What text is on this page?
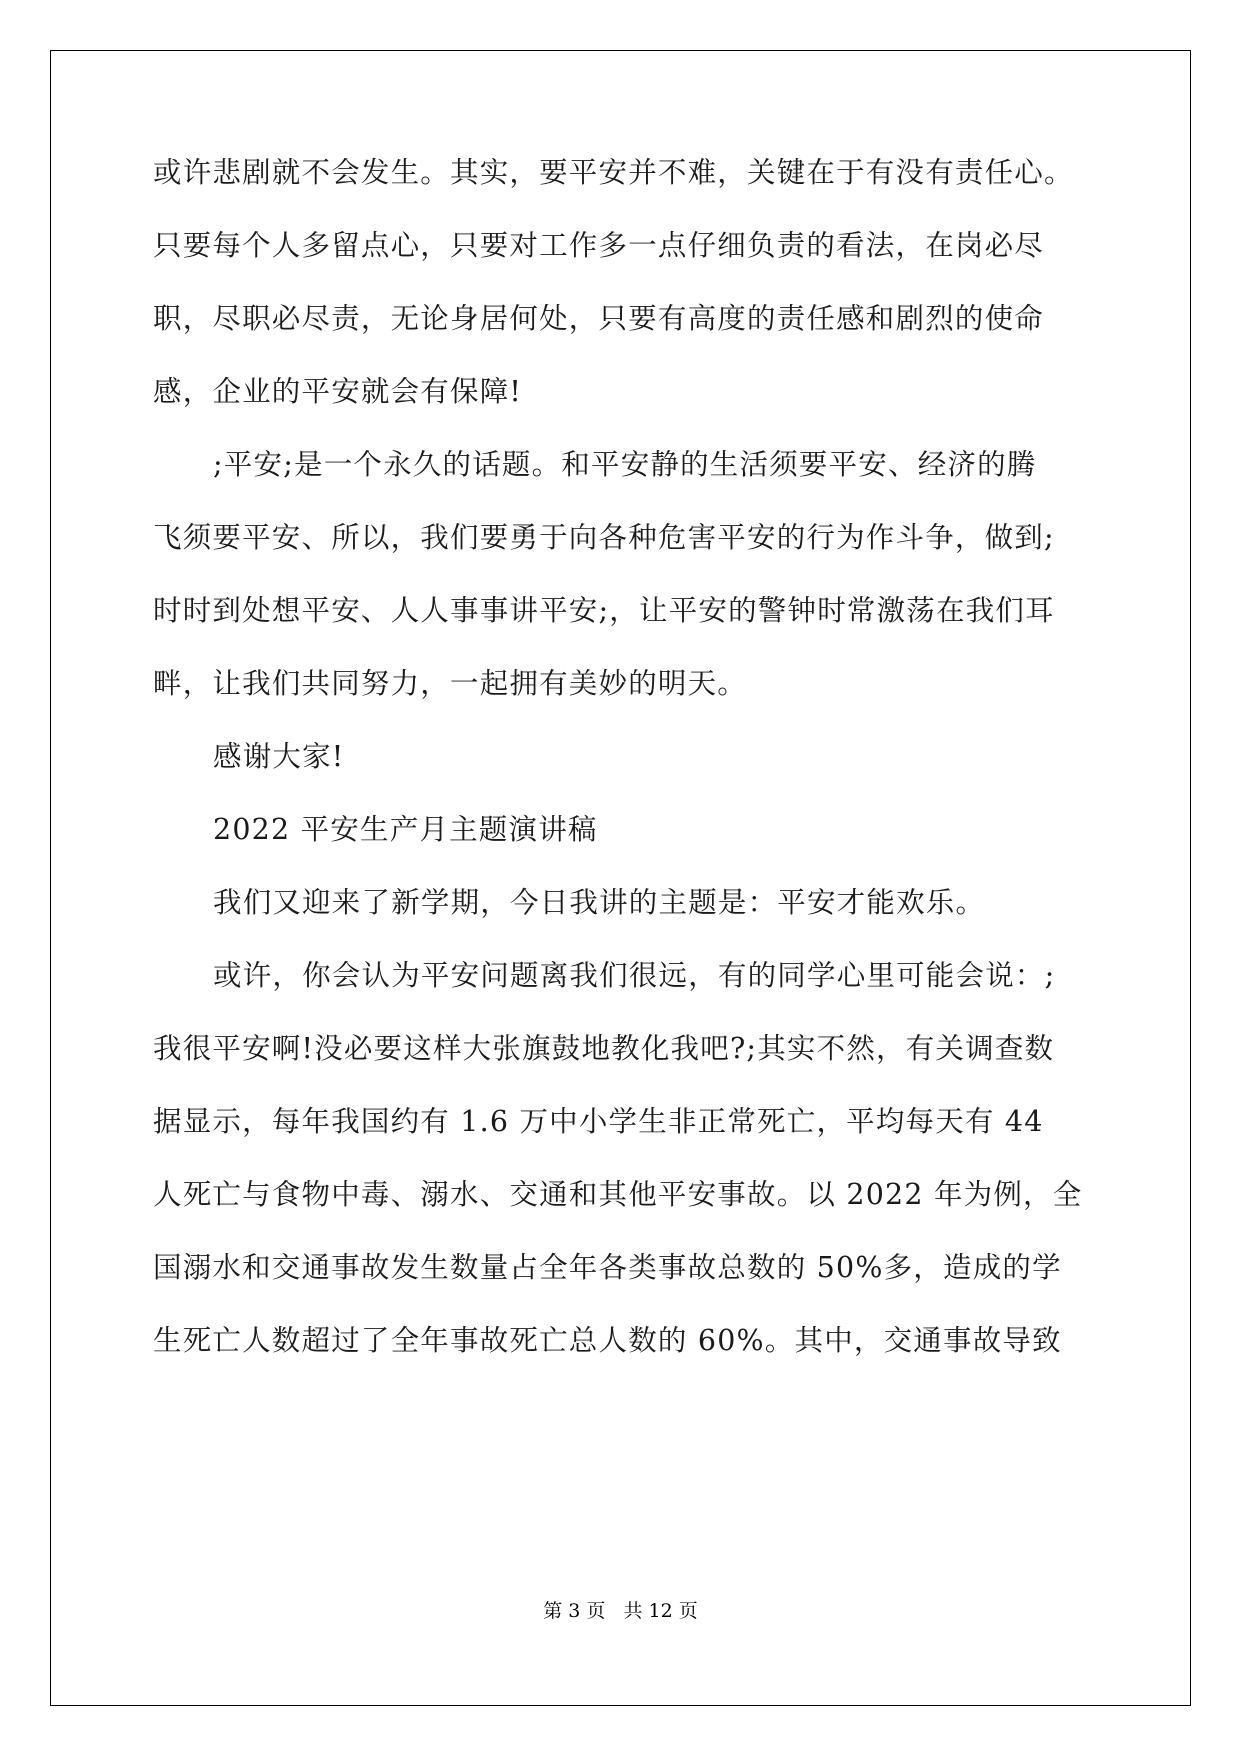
或许悲剧就不会发生。其实，要平安并不难，关键在于有没有责任心。

只要每个人多留点心，只要对工作多一点仔细负责的看法，在岗必尽

职，尽职必尽责，无论身居何处，只要有高度的责任感和剧烈的使命

感，企业的平安就会有保障!

;平安;是一个永久的话题。和平安静的生活须要平安、经济的腾

飞须要平安、所以，我们要勇于向各种危害平安的行为作斗争，做到;

时时到处想平安、人人事事讲平安;，让平安的警钟时常激荡在我们耳

畔，让我们共同努力，一起拥有美妙的明天。

感谢大家!

2022 平安生产月主题演讲稿

我们又迎来了新学期，今日我讲的主题是：平安才能欢乐。

或许，你会认为平安问题离我们很远，有的同学心里可能会说：;

我很平安啊!没必要这样大张旗鼓地教化我吧?;其实不然，有关调查数

据显示，每年我国约有 1.6 万中小学生非正常死亡，平均每天有 44

人死亡与食物中毒、溺水、交通和其他平安事故。以 2022 年为例，全

国溺水和交通事故发生数量占全年各类事故总数的 50%多，造成的学

生死亡人数超过了全年事故死亡总人数的 60%。其中，交通事故导致

第 3 页 共 12 页
